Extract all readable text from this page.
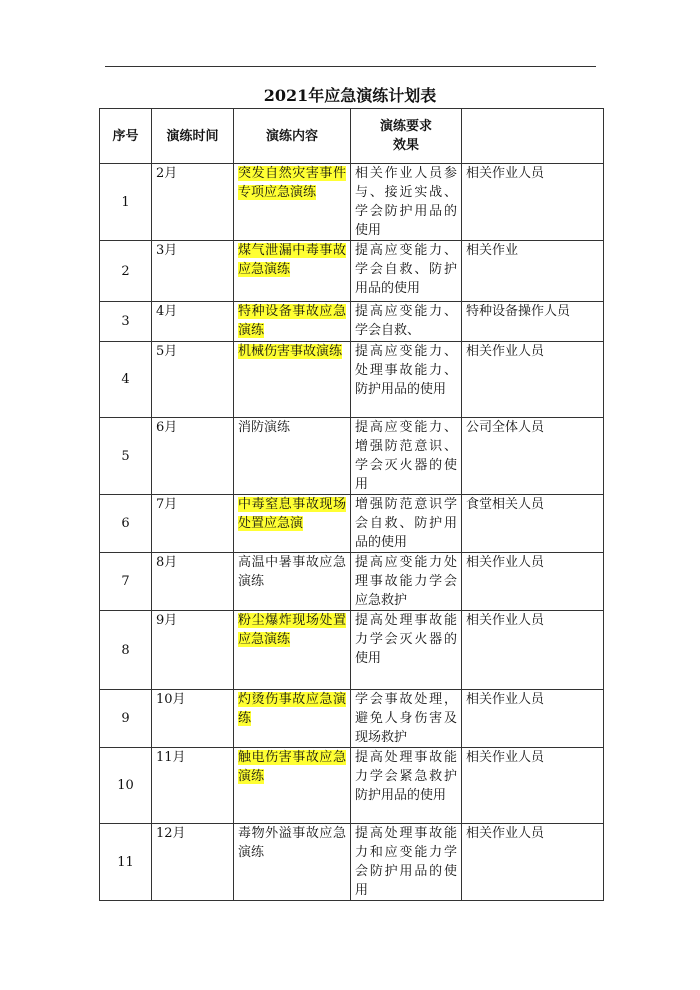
2021年应急演练计划表
序号	演练时间	演练内容	演练要求
效果	
1	2月	突发自然灾害事件专项应急演练	相关作业人员参与、接近实战、学会防护用品的使用	相关作业人员
2	3月	煤气泄漏中毒事故应急演练	提高应变能力、学会自救、防护用品的使用	相关作业
3	4月	特种设备事故应急演练	提高应变能力、学会自救、	特种设备操作人员
4	5月	机械伤害事故演练	提高应变能力、处理事故能力、防护用品的使用	相关作业人员
5	6月	消防演练	提高应变能力、增强防范意识、学会灭火器的使用	公司全体人员
6	7月	中毒窒息事故现场处置应急演	增强防范意识学会自救、防护用品的使用	食堂相关人员
7	8月	高温中暑事故应急演练	提高应变能力处理事故能力学会应急救护	相关作业人员
8	9月	粉尘爆炸现场处置应急演练	提高处理事故能力学会灭火器的使用	相关作业人员
9	10月	灼烫伤事故应急演练	学会事故处理，避免人身伤害及现场救护	相关作业人员
10	11月	触电伤害事故应急演练	提高处理事故能力学会紧急救护防护用品的使用	相关作业人员
11	12月	毒物外溢事故应急演练	提高处理事故能力和应变能力学会防护用品的使用	相关作业人员
